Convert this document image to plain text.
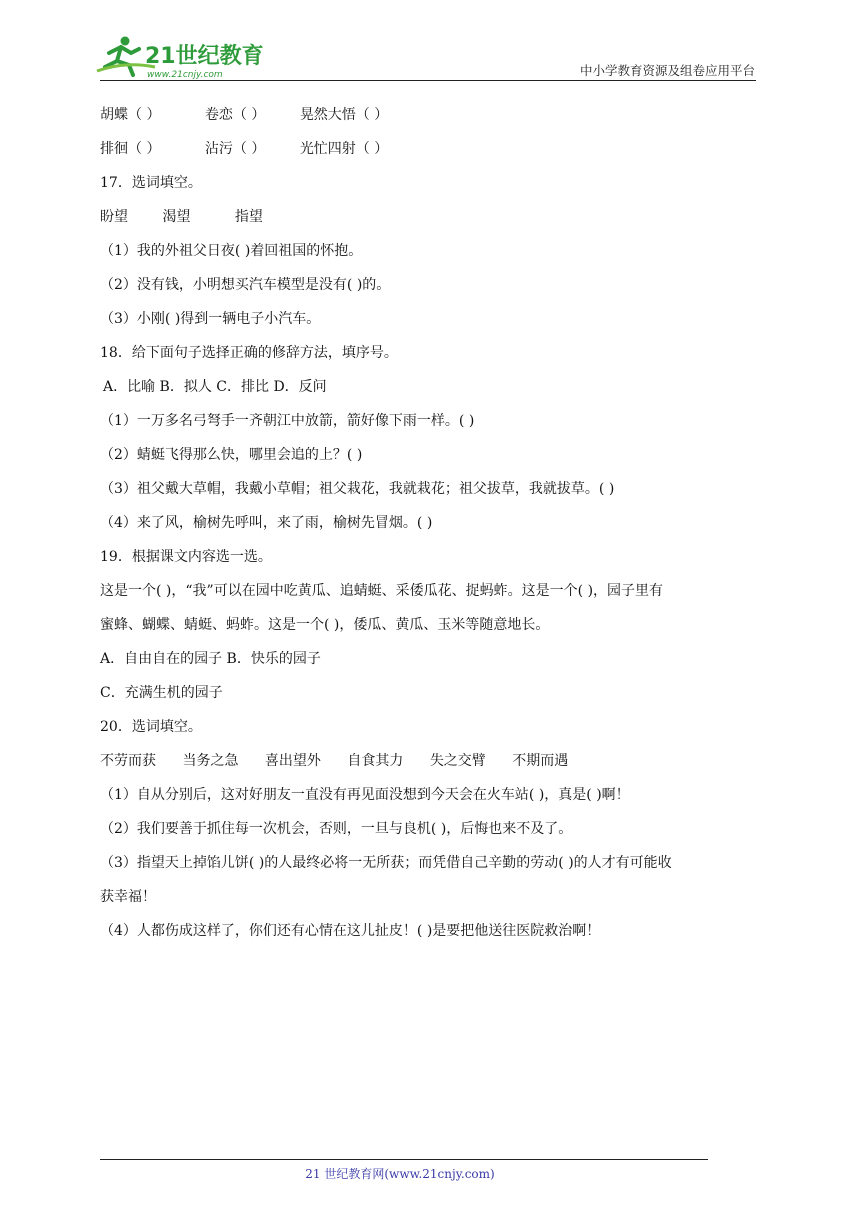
21世纪教育
www.21cnjy.com	中小学教育资源及组卷应用平台
胡蝶（ ）	卷恋（ ） 晃然大悟（ ）
排徊（ ）	沾污（ ） 光忙四射（ ）
17．选词填空。
盼望 渴望	指望
（1）我的外祖父日夜( )着回祖国的怀抱。
（2）没有钱，小明想买汽车模型是没有( )的。
（3）小刚( )得到一辆电子小汽车。
18．给下面句子选择正确的修辞方法，填序号。
A．比喻 B．拟人 C．排比 D．反问
（1）一万多名弓弩手一齐朝江中放箭，箭好像下雨一样。( )
（2）蜻蜓飞得那么快，哪里会追的上？( )
（3）祖父戴大草帽，我戴小草帽；祖父栽花，我就栽花；祖父拔草，我就拔草。( )
（4）来了风，榆树先呼叫，来了雨，榆树先冒烟。( )
19．根据课文内容选一选。
这是一个( )，“我”可以在园中吃黄瓜、追蜻蜓、采倭瓜花、捉蚂蚱。这是一个( )，园子里有
蜜蜂、蝴蝶、蜻蜓、蚂蚱。这是一个( )，倭瓜、黄瓜、玉米等随意地长。
A．自由自在的园子 B．快乐的园子
C．充满生机的园子
20．选词填空。
不劳而获 当务之急 喜出望外 自食其力 失之交臂 不期而遇
（1）自从分别后，这对好朋友一直没有再见面没想到今天会在火车站( )，真是( )啊！
（2）我们要善于抓住每一次机会，否则，一旦与良机( )，后悔也来不及了。
（3）指望天上掉馅儿饼( )的人最终必将一无所获；而凭借自己辛勤的劳动( )的人才有可能收
获幸福！
（4）人都伤成这样了，你们还有心情在这儿扯皮！( )是要把他送往医院救治啊！
21 世纪教育网(www.21cnjy.com)
